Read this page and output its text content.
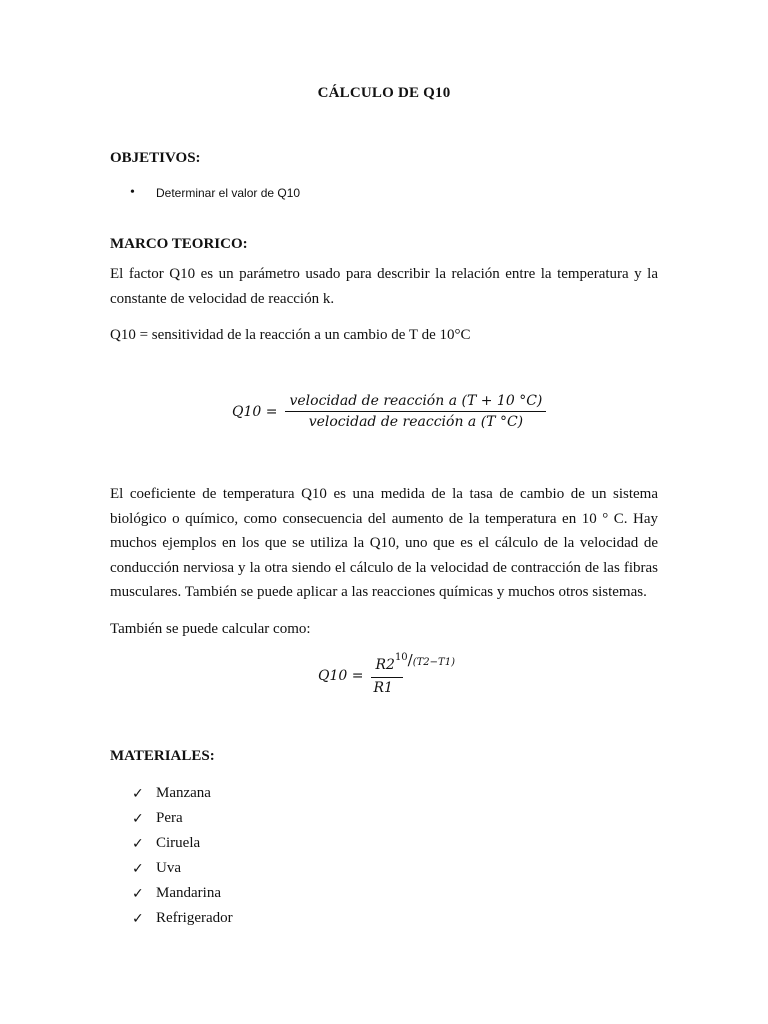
CÁLCULO DE Q10
OBJETIVOS:
•	Determinar el valor de Q10
MARCO TEORICO:
El factor Q10 es un parámetro usado para describir la relación entre la temperatura y la
constante de velocidad de reacción k.
Q10 = sensitividad de la reacción a un cambio de T de 10°C
$Q10 = \frac{\text{velocidad de reacción a (T + 10 °C)}}{\text{velocidad de reacción a (T °C)}}$
El coeficiente de temperatura Q10 es una medida de la tasa de cambio de un sistema
biológico o químico, como consecuencia del aumento de la temperatura en 10 ° C. Hay
muchos ejemplos en los que se utiliza la Q10, uno que es el cálculo de la velocidad de
conducción nerviosa y la otra siendo el cálculo de la velocidad de contracción de las fibras
musculares. También se puede aplicar a las reacciones químicas y muchos otros sistemas.
También se puede calcular como:
$Q10 = \frac{R2^{10}/^{(T2-T1)}}{R1}$
MATERIALES:
✓ Manzana
✓ Pera
✓ Ciruela
✓ Uva
✓ Mandarina
✓ Refrigerador
